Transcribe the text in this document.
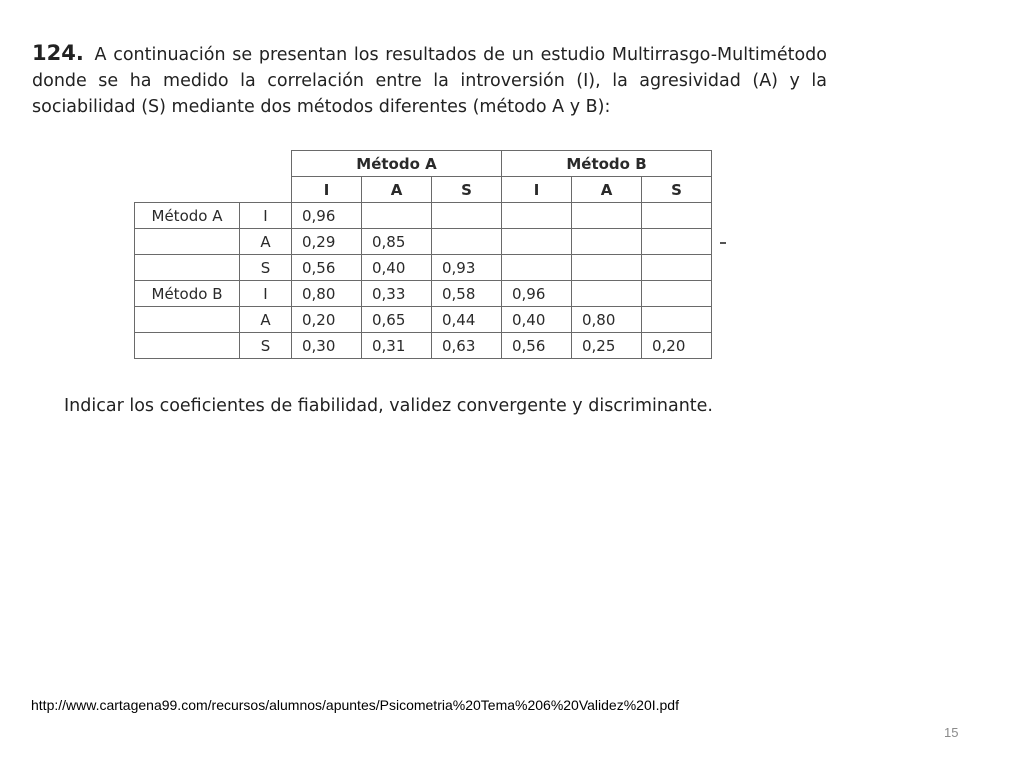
124. A continuación se presentan los resultados de un estudio Multirrasgo-Multimétodo donde se ha medido la correlación entre la introversión (I), la agresividad (A) y la sociabilidad (S) mediante dos métodos diferentes (método A y B):
		Método A			Método B		
		I	A	S	I	A	S
Método A	I	0,96					
	A	0,29	0,85				
	S	0,56	0,40	0,93			
Método B	I	0,80	0,33	0,58	0,96		
	A	0,20	0,65	0,44	0,40	0,80	
	S	0,30	0,31	0,63	0,56	0,25	0,20
Indicar los coeficientes de fiabilidad, validez convergente y discriminante.
http://www.cartagena99.com/recursos/alumnos/apuntes/Psicometria%20Tema%206%20Validez%20I.pdf
15
